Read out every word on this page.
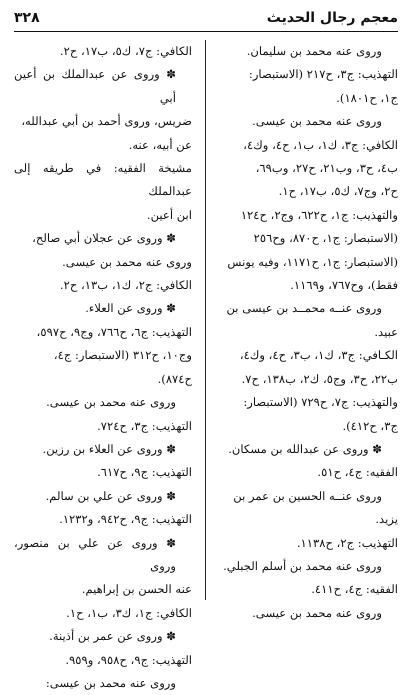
معجم رجال الحديث
٣٢٨
وروى عنه محمد بن سليمان.
التهذيب: ج٣، ح٢١٧ (الاستبصار:
ج١، ح١٨٠١).
وروى عنه محمد بن عيسى.
الكافي: ج٣، ك١، ب١، ح٤، وك٤،
ب٤، ح٣، وب٢١، ح٢٧، وب٦٩،
ح٢، وج٧، ك٥، ب١٧، ح١.
والتهذيب: ج١، ح٦٢٢، وج٢، ح١٢٤
(الاستبصار: ج١، ح٨٧٠، وح٢٥٦
(الاستبصار: ج١، ح١١٧١، وفيه يونس
فقط)، وح٧٦٧، و١١٦٩.
وروى عنــه محمــد بن عيسى بن
عبيد.
الكـافي: ج٣، ك١، ب٣، ح٤، وك٤،
ب٢٢، ح٣، وج٥، ك٢، ب١٣٨، ح٧.
والتهذيب: ج٧، ح٧٢٩ (الاستبصار:
ج٣، ح٤١٢).
✽ وروى عن عبدالله بن مسكان.
الفقيه: ج٤، ح٥١.
وروى عنــه الحسين بن عمر بن
يزيد.
التهذيب: ج٢، ح١١٣٨.
وروى عنه محمد بن أسلم الجبلي.
الفقيه: ج٤، ح٤١١.
وروى عنه محمد بن عيسى.
الكافي: ج٧، ك٥، ب١٧، ح٢.
✽ وروى عن عبدالملك بن أعين أبي
ضريس، وروى أحمد بن أبي عبدالله،
عن أبيه، عنه.
مشيخة الفقيه: في طريقه إلى عبدالملك
ابن أعين.
✽ وروى عن عجلان أبي صالح،
وروى عنه محمد بن عيسى.
الكافي: ج٢، ك١، ب١٣، ح٢.
✽ وروى عن العلاء.
التهذيب: ج٦، ح٧٦٦، وج٩، ح٥٩٧،
وج١٠، ح٣١٢ (الاستبصار: ج٤،
ح٨٧٤).
وروى عنه محمد بن عيسى.
التهذيب: ج٣، ح٧٢٤.
✽ وروى عن العلاء بن رزين.
التهذيب: ج٩، ح٦١٧.
✽ وروى عن علي بن سالم.
التهذيب: ج٩، ح٩٤٢، و١٢٣٢.
✽ وروى عن علي بن منصور، وروى
عنه الحسن بن إبراهيم.
الكافي: ج١، ك٣، ب١، ح١.
✽ وروى عن عمر بن أذينة.
التهذيب: ج٩، ح٩٥٨، و٩٥٩.
وروى عنه محمد بن عيسى:
